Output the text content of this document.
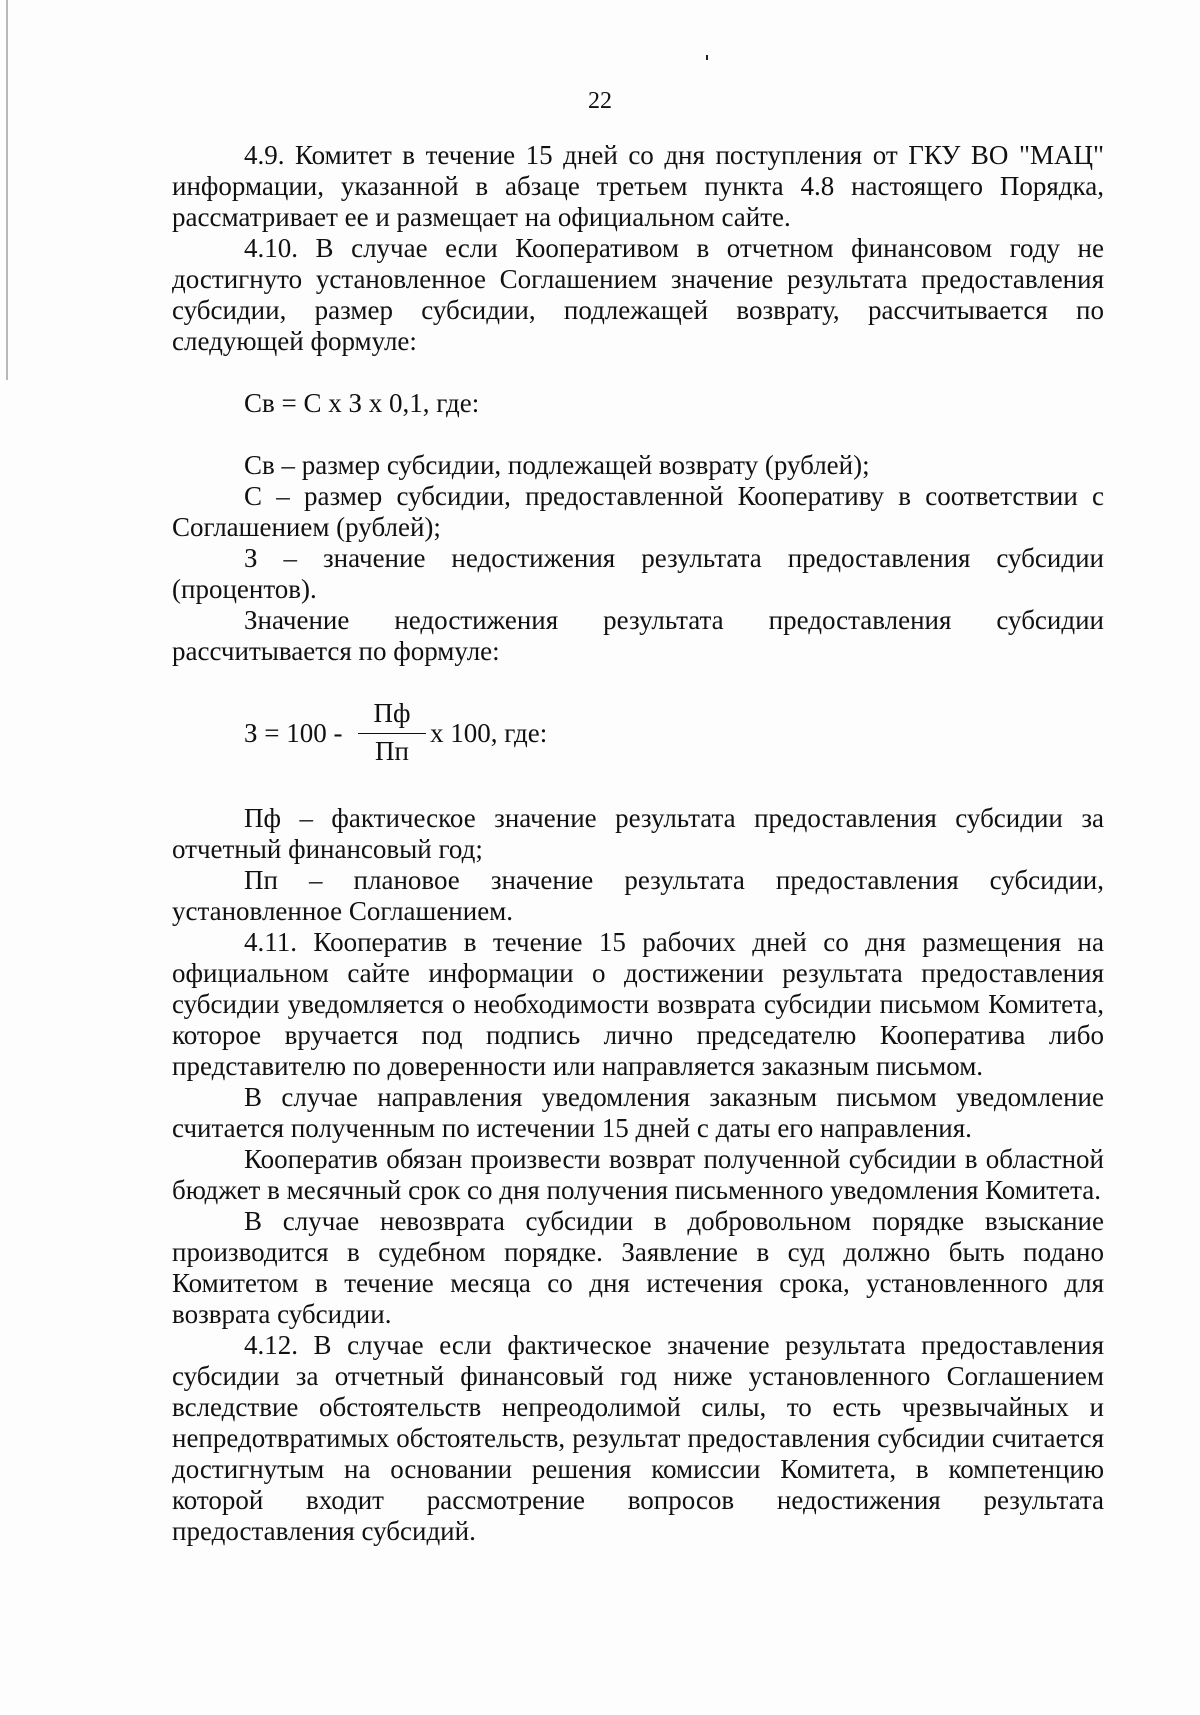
22

4.9. Комитет в течение 15 дней со дня поступления от ГКУ ВО "МАЦ" информации, указанной в абзаце третьем пункта 4.8 настоящего Порядка, рассматривает ее и размещает на официальном сайте.

4.10. В случае если Кооперативом в отчетном финансовом году не достигнуто установленное Соглашением значение результата предоставления субсидии, размер субсидии, подлежащей возврату, рассчитывается по следующей формуле:

Св = С х З х 0,1, где:

Св – размер субсидии, подлежащей возврату (рублей);

С – размер субсидии, предоставленной Кооперативу в соответствии с Соглашением (рублей);

З – значение недостижения результата предоставления субсидии (процентов).

Значение недостижения результата предоставления субсидии рассчитывается по формуле:

З = 100 -
Пф
Пп
х 100, где:

Пф – фактическое значение результата предоставления субсидии за отчетный финансовый год;

Пп – плановое значение результата предоставления субсидии, установленное Соглашением.

4.11. Кооператив в течение 15 рабочих дней со дня размещения на официальном сайте информации о достижении результата предоставления субсидии уведомляется о необходимости возврата субсидии письмом Комитета, которое вручается под подпись лично председателю Кооператива либо представителю по доверенности или направляется заказным письмом.

В случае направления уведомления заказным письмом уведомление считается полученным по истечении 15 дней с даты его направления.

Кооператив обязан произвести возврат полученной субсидии в областной бюджет в месячный срок со дня получения письменного уведомления Комитета.

В случае невозврата субсидии в добровольном порядке взыскание производится в судебном порядке. Заявление в суд должно быть подано Комитетом в течение месяца со дня истечения срока, установленного для возврата субсидии.

4.12. В случае если фактическое значение результата предоставления субсидии за отчетный финансовый год ниже установленного Соглашением вследствие обстоятельств непреодолимой силы, то есть чрезвычайных и непредотвратимых обстоятельств, результат предоставления субсидии считается достигнутым на основании решения комиссии Комитета, в компетенцию которой входит рассмотрение вопросов недостижения результата предоставления субсидий.
